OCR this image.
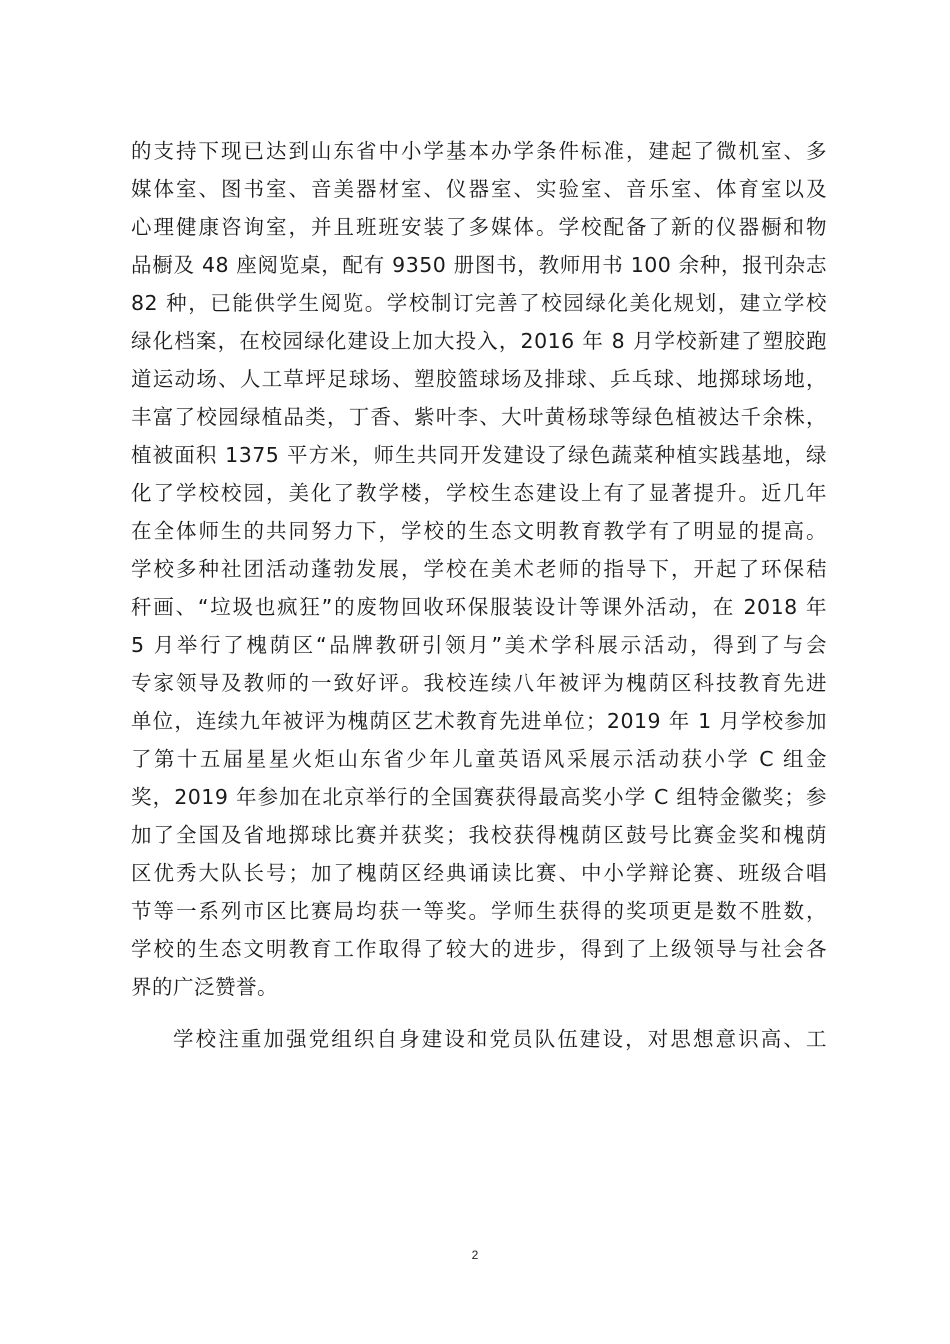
的支持下现已达到山东省中小学基本办学条件标准，建起了微机室、多
媒体室、图书室、音美器材室、仪器室、实验室、音乐室、体育室以及
心理健康咨询室，并且班班安装了多媒体。学校配备了新的仪器橱和物
品橱及 48 座阅览桌，配有 9350 册图书，教师用书 100 余种，报刊杂志
82 种，已能供学生阅览。学校制订完善了校园绿化美化规划，建立学校
绿化档案，在校园绿化建设上加大投入，2016 年 8 月学校新建了塑胶跑
道运动场、人工草坪足球场、塑胶篮球场及排球、乒乓球、地掷球场地，
丰富了校园绿植品类，丁香、紫叶李、大叶黄杨球等绿色植被达千余株，
植被面积 1375 平方米，师生共同开发建设了绿色蔬菜种植实践基地，绿
化了学校校园，美化了教学楼，学校生态建设上有了显著提升。近几年
在全体师生的共同努力下，学校的生态文明教育教学有了明显的提高。
学校多种社团活动蓬勃发展，学校在美术老师的指导下，开起了环保秸
秆画、“垃圾也疯狂”的废物回收环保服装设计等课外活动，在 2018 年
5 月举行了槐荫区“品牌教研引领月”美术学科展示活动，得到了与会
专家领导及教师的一致好评。我校连续八年被评为槐荫区科技教育先进
单位，连续九年被评为槐荫区艺术教育先进单位；2019 年 1 月学校参加
了第十五届星星火炬山东省少年儿童英语风采展示活动获小学 C 组金
奖，2019 年参加在北京举行的全国赛获得最高奖小学 C 组特金徽奖；参
加了全国及省地掷球比赛并获奖；我校获得槐荫区鼓号比赛金奖和槐荫
区优秀大队长号；加了槐荫区经典诵读比赛、中小学辩论赛、班级合唱
节等一系列市区比赛局均获一等奖。学师生获得的奖项更是数不胜数，
学校的生态文明教育工作取得了较大的进步，得到了上级领导与社会各
界的广泛赞誉。
学校注重加强党组织自身建设和党员队伍建设，对思想意识高、工
2
